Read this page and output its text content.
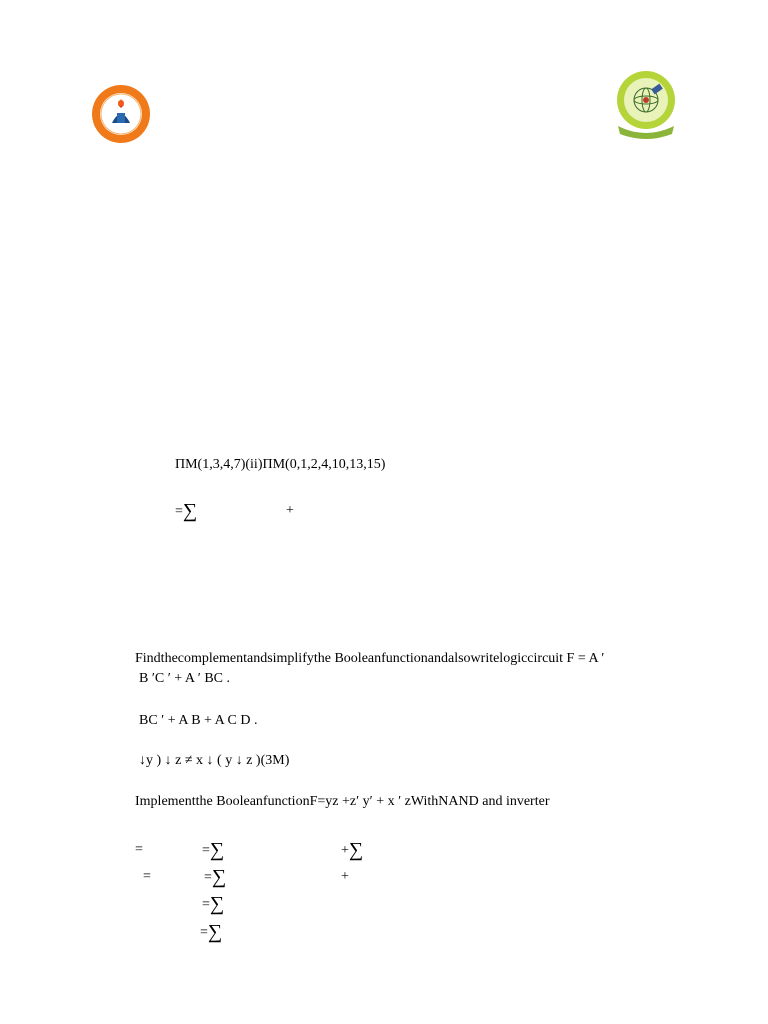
ΠM(1,3,4,7)(ii)ΠM(0,1,2,4,10,13,15)
=∑	+
Findthecomplementandsimplifythe Booleanfunctionandalsowritelogiccircuit F = A ′
B ′C ′ + A ′ BC .
BC ′ + A B + A C D .
↓y ) ↓ z ≠ x ↓ ( y ↓ z )(3M)
Implementthe BooleanfunctionF=yz +z′ y′ + x ′ zWithNAND and inverter
=	=∑	+∑
=	=∑	+
=∑
=∑
